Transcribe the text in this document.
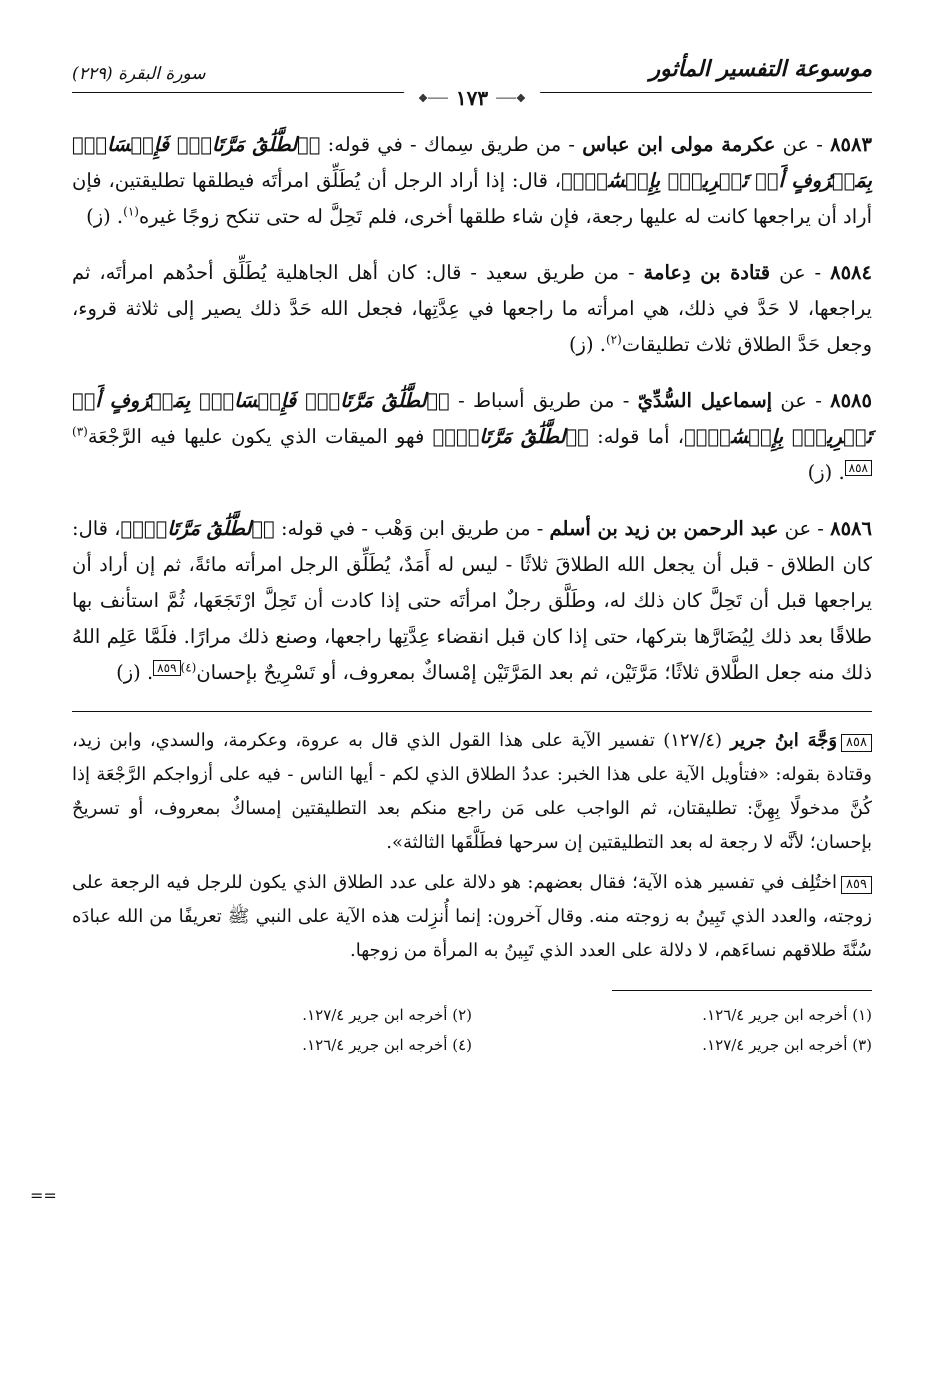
موسوعة التفسير المأثور
سورة البقرة (٢٢٩)
❖───
١٧٣
───❖

٨٥٨٣ - عن عكرمة مولى ابن عباس - من طريق سِماك - في قوله: ﴿ٱلطَّلَٰقُ مَرَّتَانِۖ فَإِمۡسَاكُۢ بِمَعۡرُوفٍ أَوۡ تَسۡرِيحُۢ بِإِحۡسَٰنٍۗ﴾، قال: إذا أراد الرجل أن يُطَلِّق امرأتَه فيطلقها تطليقتين، فإن أراد أن يراجعها كانت له عليها رجعة، فإن شاء طلقها أخرى، فلم تَحِلَّ له حتى تنكح زوجًا غيره$^{(١)}$. (ز)

٨٥٨٤ - عن قتادة بن دِعامة - من طريق سعيد - قال: كان أهل الجاهلية يُطَلِّق أحدُهم امرأتَه، ثم يراجعها، لا حَدَّ في ذلك، هي امرأته ما راجعها في عِدَّتِها، فجعل الله حَدَّ ذلك يصير إلى ثلاثة قروء، وجعل حَدَّ الطلاق ثلاث تطليقات$^{(٢)}$. (ز)

٨٥٨٥ - عن إسماعيل السُّدِّيّ - من طريق أسباط - ﴿ٱلطَّلَٰقُ مَرَّتَانِۖ فَإِمۡسَاكُۢ بِمَعۡرُوفٍ أَوۡ تَسۡرِيحُۢ بِإِحۡسَٰنٍۗ﴾، أما قوله: ﴿ٱلطَّلَٰقُ مَرَّتَانِۖ﴾ فهو الميقات الذي يكون عليها فيه الرَّجْعَة$^{(٣)}$٨٥٨. (ز)

٨٥٨٦ - عن عبد الرحمن بن زيد بن أسلم - من طريق ابن وَهْب - في قوله: ﴿ٱلطَّلَٰقُ مَرَّتَانِۖ﴾، قال: كان الطلاق - قبل أن يجعل الله الطلاقَ ثلاثًا - ليس له أَمَدٌ، يُطَلِّق الرجل امرأته مائةً، ثم إن أراد أن يراجعها قبل أن تَحِلَّ كان ذلك له، وطَلَّق رجلٌ امرأتَه حتى إذا كادت أن تَحِلَّ ارْتَجَعَها، ثُمَّ استأنف بها طلاقًا بعد ذلك لِيُضَارَّها بتركها، حتى إذا كان قبل انقضاء عِدَّتِها راجعها، وصنع ذلك مرارًا. فلَمَّا عَلِم اللهُ ذلك منه جعل الطَّلاق ثلاثًا؛ مَرَّتَيْن، ثم بعد المَرَّتَيْن إمْساكٌ بمعروف، أو تَسْرِيحٌ بإحسان$^{(٤)}$٨٥٩. (ز)

٨٥٨وَجَّهَ ابنُ جرير (١٢٧/٤) تفسير الآية على هذا القول الذي قال به عروة، وعكرمة، والسدي، وابن زيد، وقتادة بقوله: «فتأويل الآية على هذا الخبر: عددُ الطلاق الذي لكم - أيها الناس - فيه على أزواجكم الرَّجْعَة إذا كُنَّ مدخولًا بِهِنَّ: تطليقتان، ثم الواجب على مَن راجع منكم بعد التطليقتين إمساكٌ بمعروف، أو تسريحٌ بإحسان؛ لأنَّه لا رجعة له بعد التطليقتين إن سرحها فطَلَّقَها الثالثة».

٨٥٩اختُلِف في تفسير هذه الآية؛ فقال بعضهم: هو دلالة على عدد الطلاق الذي يكون للرجل فيه الرجعة على زوجته، والعدد الذي تَبِينُ به زوجته منه. وقال آخرون: إنما أُنزِلت هذه الآية على النبي ﷺ تعريفًا من الله عبادَه سُنَّةَ طلاقهم نساءَهم، لا دلالة على العدد الذي تَبِينُ به المرأة من زوجها.

(١) أخرجه ابن جرير ١٢٦/٤.
(٢) أخرجه ابن جرير ١٢٧/٤.
(٣) أخرجه ابن جرير ١٢٧/٤.
(٤) أخرجه ابن جرير ١٢٦/٤.
==
